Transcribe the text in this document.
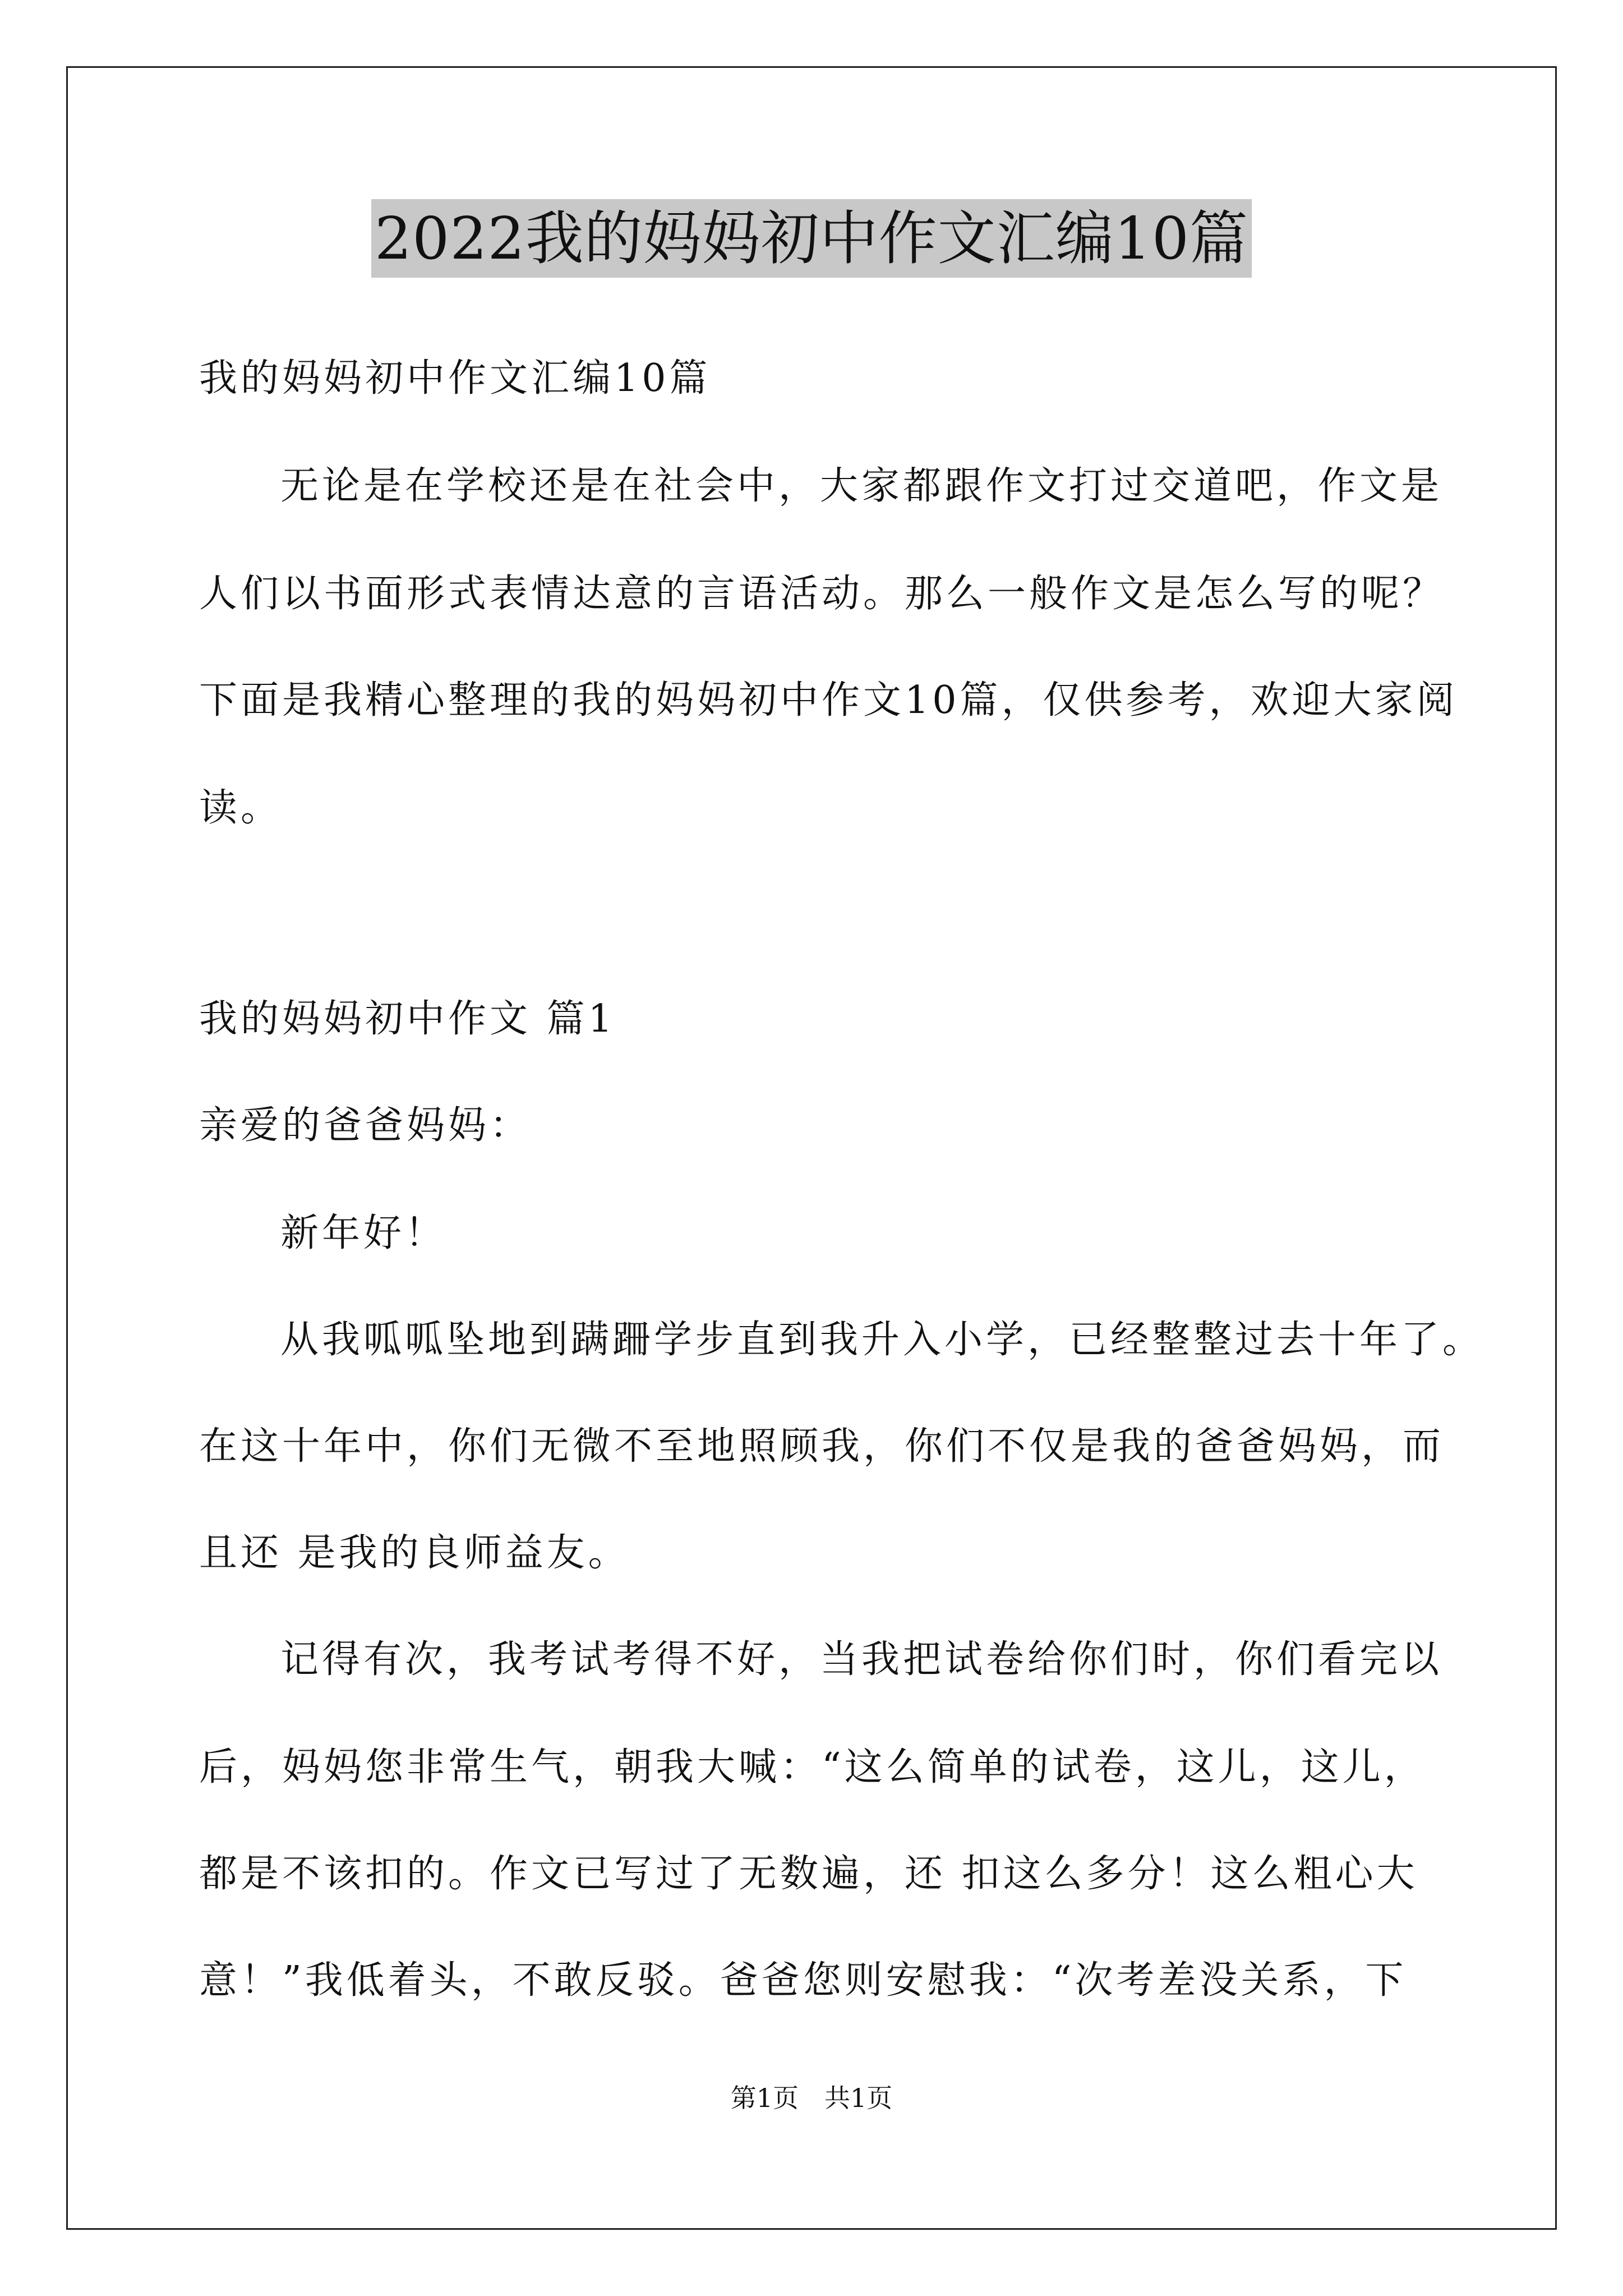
2022我的妈妈初中作文汇编10篇
我的妈妈初中作文汇编10篇
无论是在学校还是在社会中，大家都跟作文打过交道吧，作文是
人们以书面形式表情达意的言语活动。那么一般作文是怎么写的呢？
下面是我精心整理的我的妈妈初中作文10篇，仅供参考，欢迎大家阅
读。
我的妈妈初中作文 篇1
亲爱的爸爸妈妈：
新年好！
从我呱呱坠地到蹒跚学步直到我升入小学，已经整整过去十年了。
在这十年中，你们无微不至地照顾我，你们不仅是我的爸爸妈妈，而
且还 是我的良师益友。
记得有次，我考试考得不好，当我把试卷给你们时，你们看完以
后，妈妈您非常生气，朝我大喊：“这么简单的试卷，这儿，这儿，
都是不该扣的。作文已写过了无数遍，还 扣这么多分！这么粗心大
意！”我低着头，不敢反驳。爸爸您则安慰我：“次考差没关系，下
第1页　共1页
